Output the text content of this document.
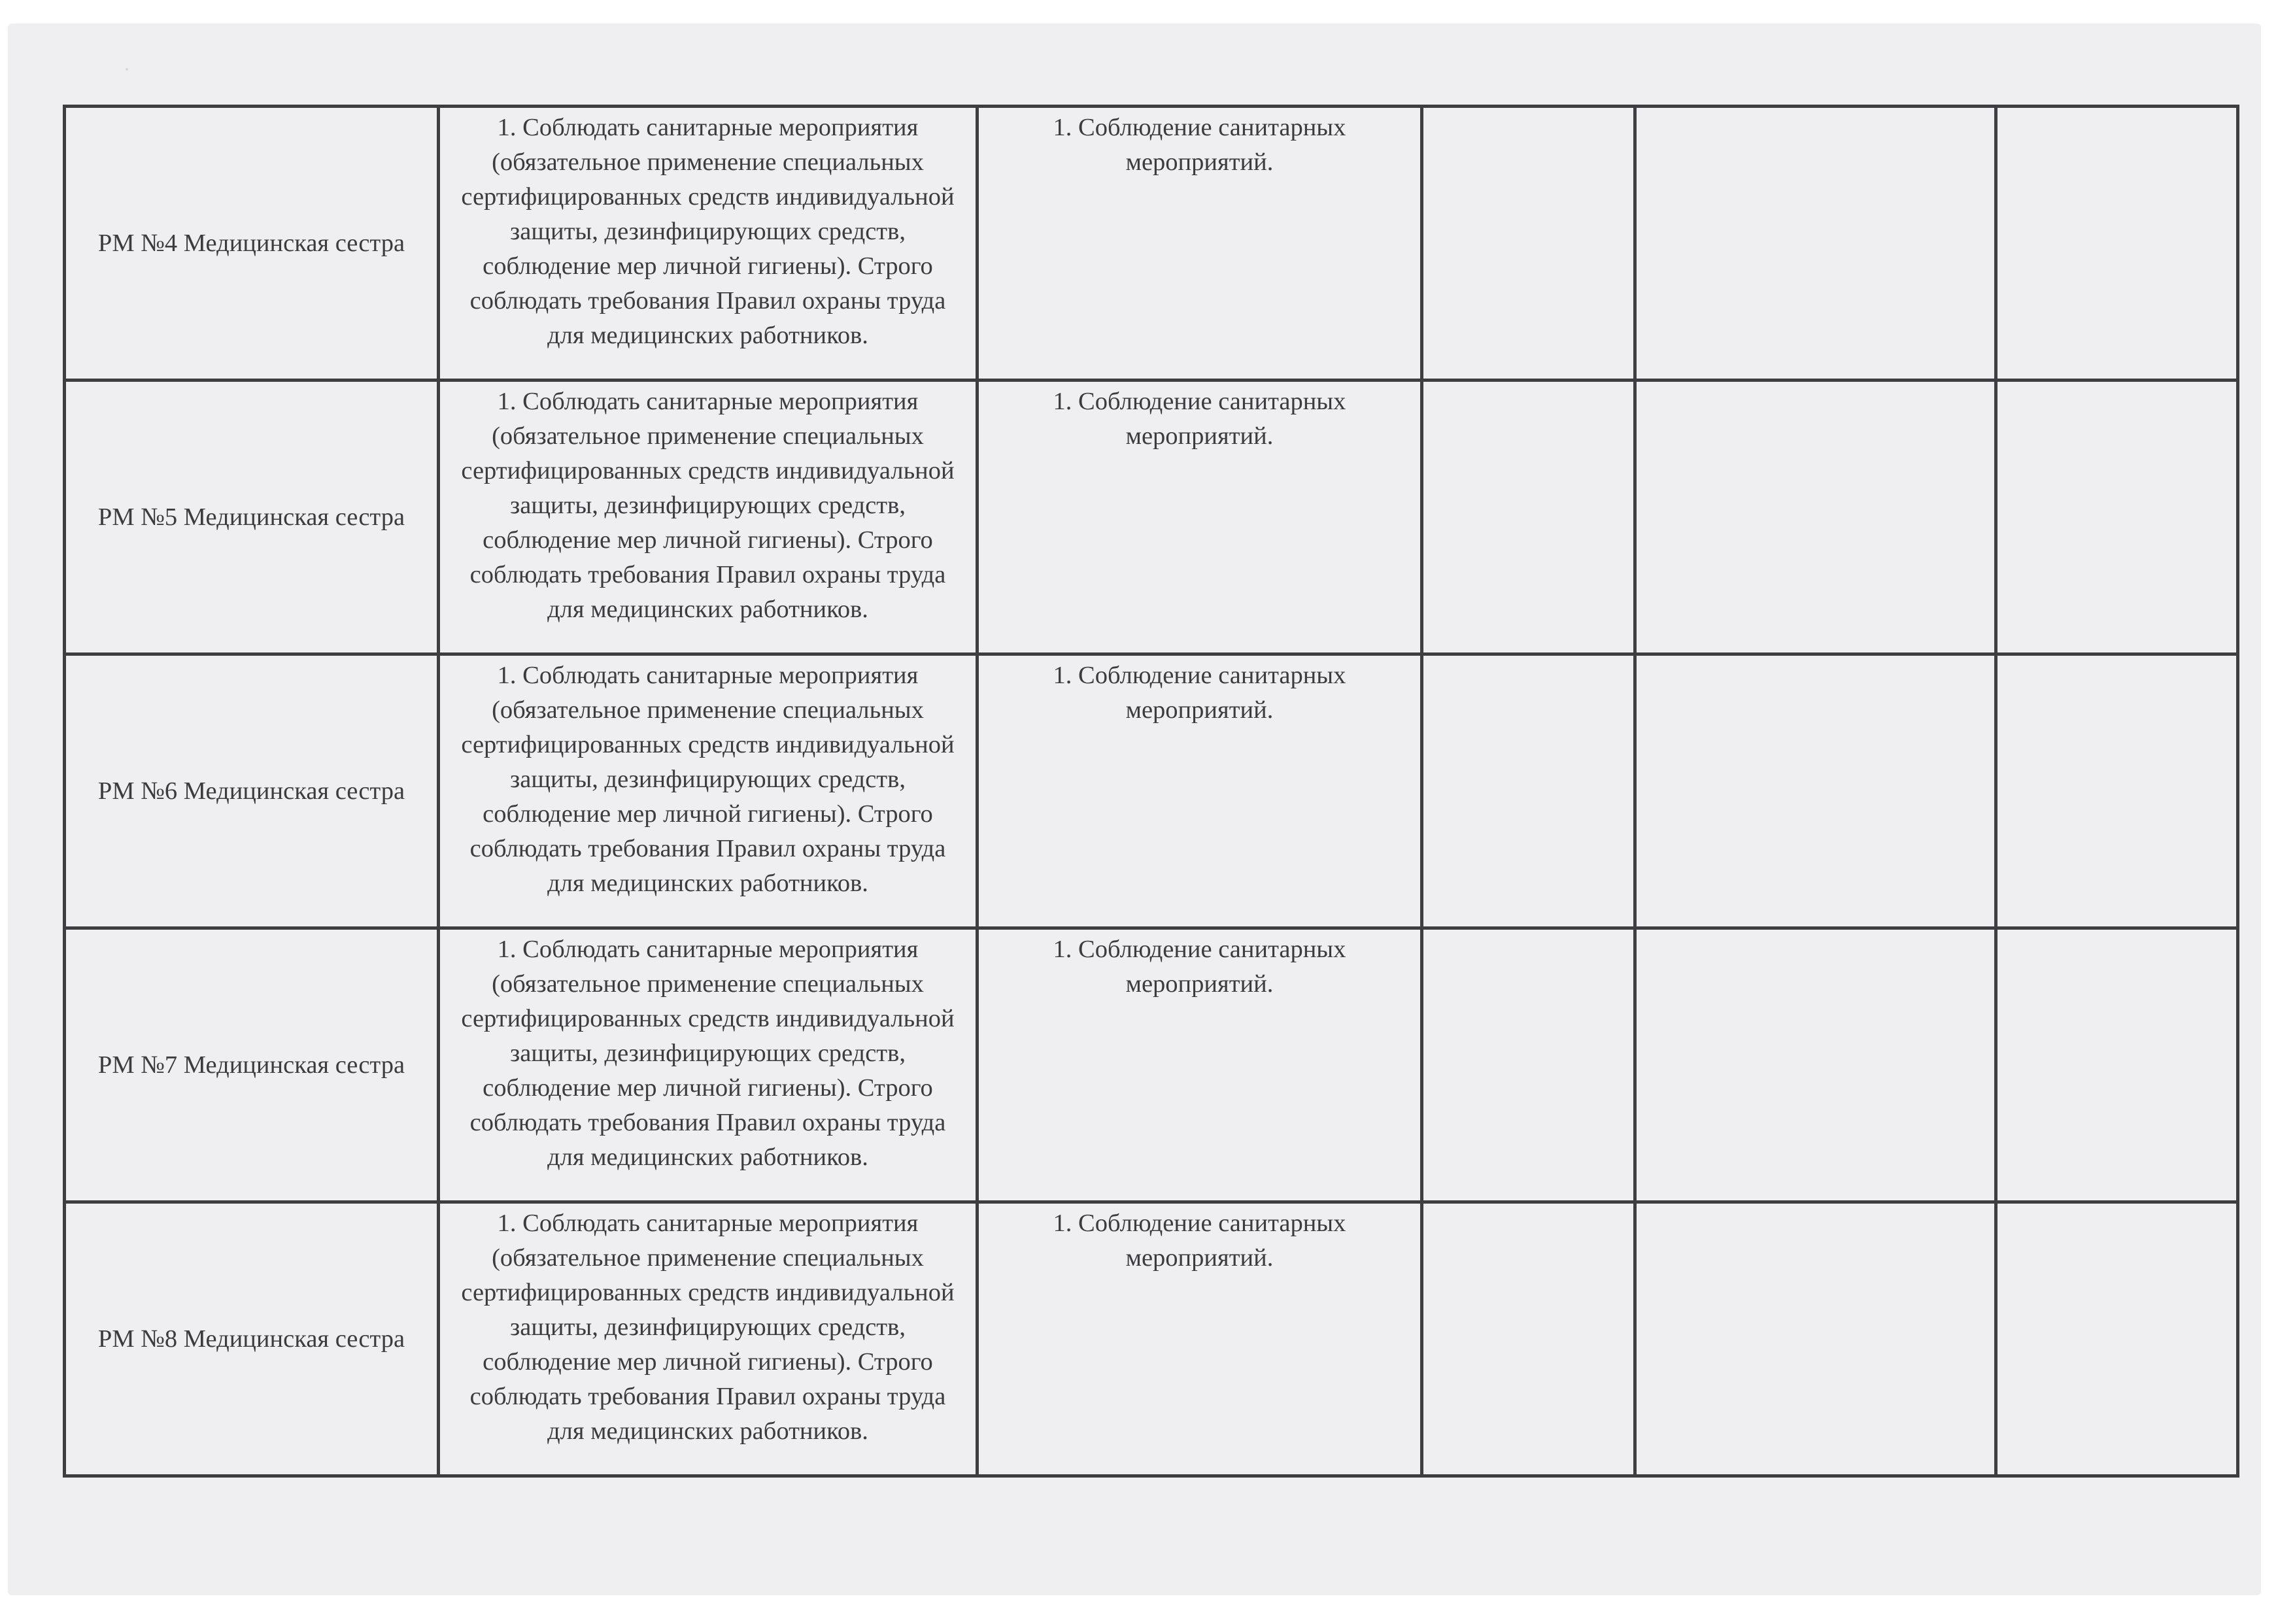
РМ №4 Медицинская сестра	1. Соблюдать санитарные мероприятия (обязательное применение специальных сертифицированных средств индивидуальной защиты, дезинфицирующих средств, соблюдение мер личной гигиены). Строго соблюдать требования Правил охраны труда для медицинских работников.	1. Соблюдение санитарных мероприятий.			

РМ №5 Медицинская сестра	1. Соблюдать санитарные мероприятия (обязательное применение специальных сертифицированных средств индивидуальной защиты, дезинфицирующих средств, соблюдение мер личной гигиены). Строго соблюдать требования Правил охраны труда для медицинских работников.	1. Соблюдение санитарных мероприятий.			

РМ №6 Медицинская сестра	1. Соблюдать санитарные мероприятия (обязательное применение специальных сертифицированных средств индивидуальной защиты, дезинфицирующих средств, соблюдение мер личной гигиены). Строго соблюдать требования Правил охраны труда для медицинских работников.	1. Соблюдение санитарных мероприятий.			

РМ №7 Медицинская сестра	1. Соблюдать санитарные мероприятия (обязательное применение специальных сертифицированных средств индивидуальной защиты, дезинфицирующих средств, соблюдение мер личной гигиены). Строго соблюдать требования Правил охраны труда для медицинских работников.	1. Соблюдение санитарных мероприятий.			

РМ №8 Медицинская сестра	1. Соблюдать санитарные мероприятия (обязательное применение специальных сертифицированных средств индивидуальной защиты, дезинфицирующих средств, соблюдение мер личной гигиены). Строго соблюдать требования Правил охраны труда для медицинских работников.	1. Соблюдение санитарных мероприятий.			
